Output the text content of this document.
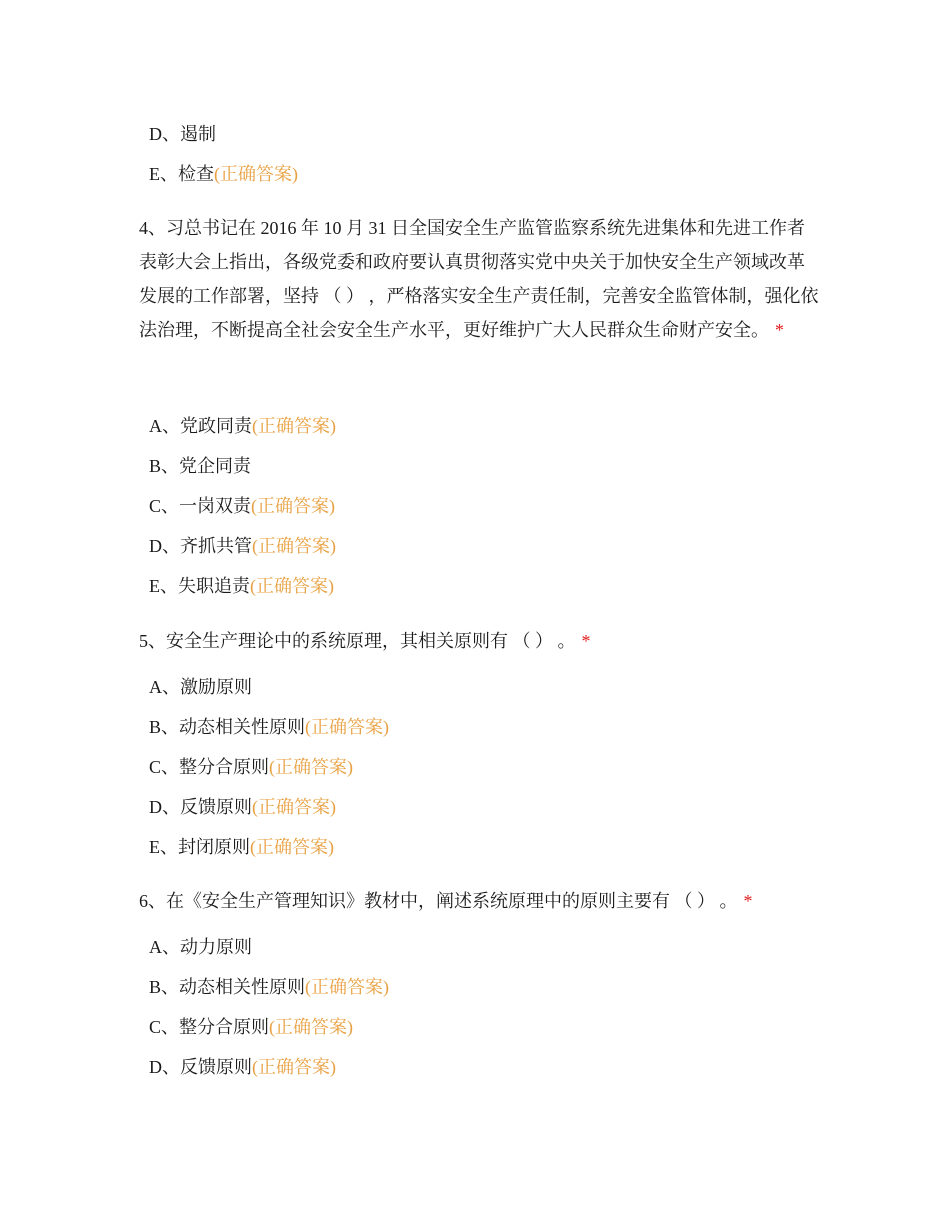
D、遏制
E、检查(正确答案)
4、习总书记在 2016 年 10 月 31 日全国安全生产监管监察系统先进集体和先进工作者表彰大会上指出，各级党委和政府要认真贯彻落实党中央关于加快安全生产领域改革发展的工作部署，坚持 （ ） ，严格落实安全生产责任制，完善安全监管体制，强化依法治理，不断提高全社会安全生产水平，更好维护广大人民群众生命财产安全。 *
A、党政同责(正确答案)
B、党企同责
C、一岗双责(正确答案)
D、齐抓共管(正确答案)
E、失职追责(正确答案)
5、安全生产理论中的系统原理，其相关原则有 （ ） 。 *
A、激励原则
B、动态相关性原则(正确答案)
C、整分合原则(正确答案)
D、反馈原则(正确答案)
E、封闭原则(正确答案)
6、在《安全生产管理知识》教材中，阐述系统原理中的原则主要有 （ ） 。 *
A、动力原则
B、动态相关性原则(正确答案)
C、整分合原则(正确答案)
D、反馈原则(正确答案)
